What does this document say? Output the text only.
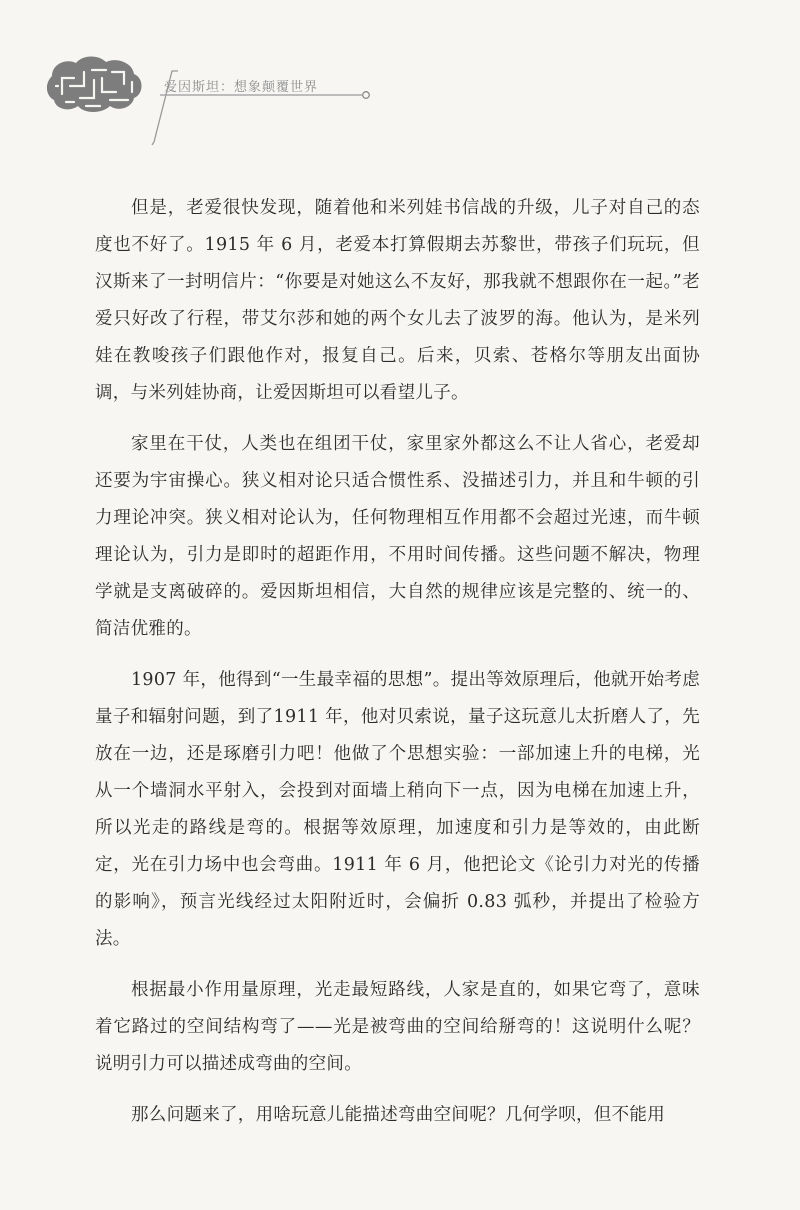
爱因斯坦：想象颠覆世界

但是，老爱很快发现，随着他和米列娃书信战的升级，儿子对自己的态度也不好了。1915 年 6 月，老爱本打算假期去苏黎世，带孩子们玩玩，但汉斯来了一封明信片：“你要是对她这么不友好，那我就不想跟你在一起。”老爱只好改了行程，带艾尔莎和她的两个女儿去了波罗的海。他认为，是米列娃在教唆孩子们跟他作对，报复自己。后来，贝索、苍格尔等朋友出面协调，与米列娃协商，让爱因斯坦可以看望儿子。

家里在干仗，人类也在组团干仗，家里家外都这么不让人省心，老爱却还要为宇宙操心。狭义相对论只适合惯性系、没描述引力，并且和牛顿的引力理论冲突。狭义相对论认为，任何物理相互作用都不会超过光速，而牛顿理论认为，引力是即时的超距作用，不用时间传播。这些问题不解决，物理学就是支离破碎的。爱因斯坦相信，大自然的规律应该是完整的、统一的、简洁优雅的。

1907 年，他得到“一生最幸福的思想”。提出等效原理后，他就开始考虑量子和辐射问题，到了1911 年，他对贝索说，量子这玩意儿太折磨人了，先放在一边，还是琢磨引力吧！他做了个思想实验：一部加速上升的电梯，光从一个墙洞水平射入，会投到对面墙上稍向下一点，因为电梯在加速上升，所以光走的路线是弯的。根据等效原理，加速度和引力是等效的，由此断定，光在引力场中也会弯曲。1911 年 6 月，他把论文《论引力对光的传播的影响》，预言光线经过太阳附近时，会偏折 0.83 弧秒，并提出了检验方法。

根据最小作用量原理，光走最短路线，人家是直的，如果它弯了，意味着它路过的空间结构弯了——光是被弯曲的空间给掰弯的！这说明什么呢？说明引力可以描述成弯曲的空间。

那么问题来了，用啥玩意儿能描述弯曲空间呢？几何学呗，但不能用
